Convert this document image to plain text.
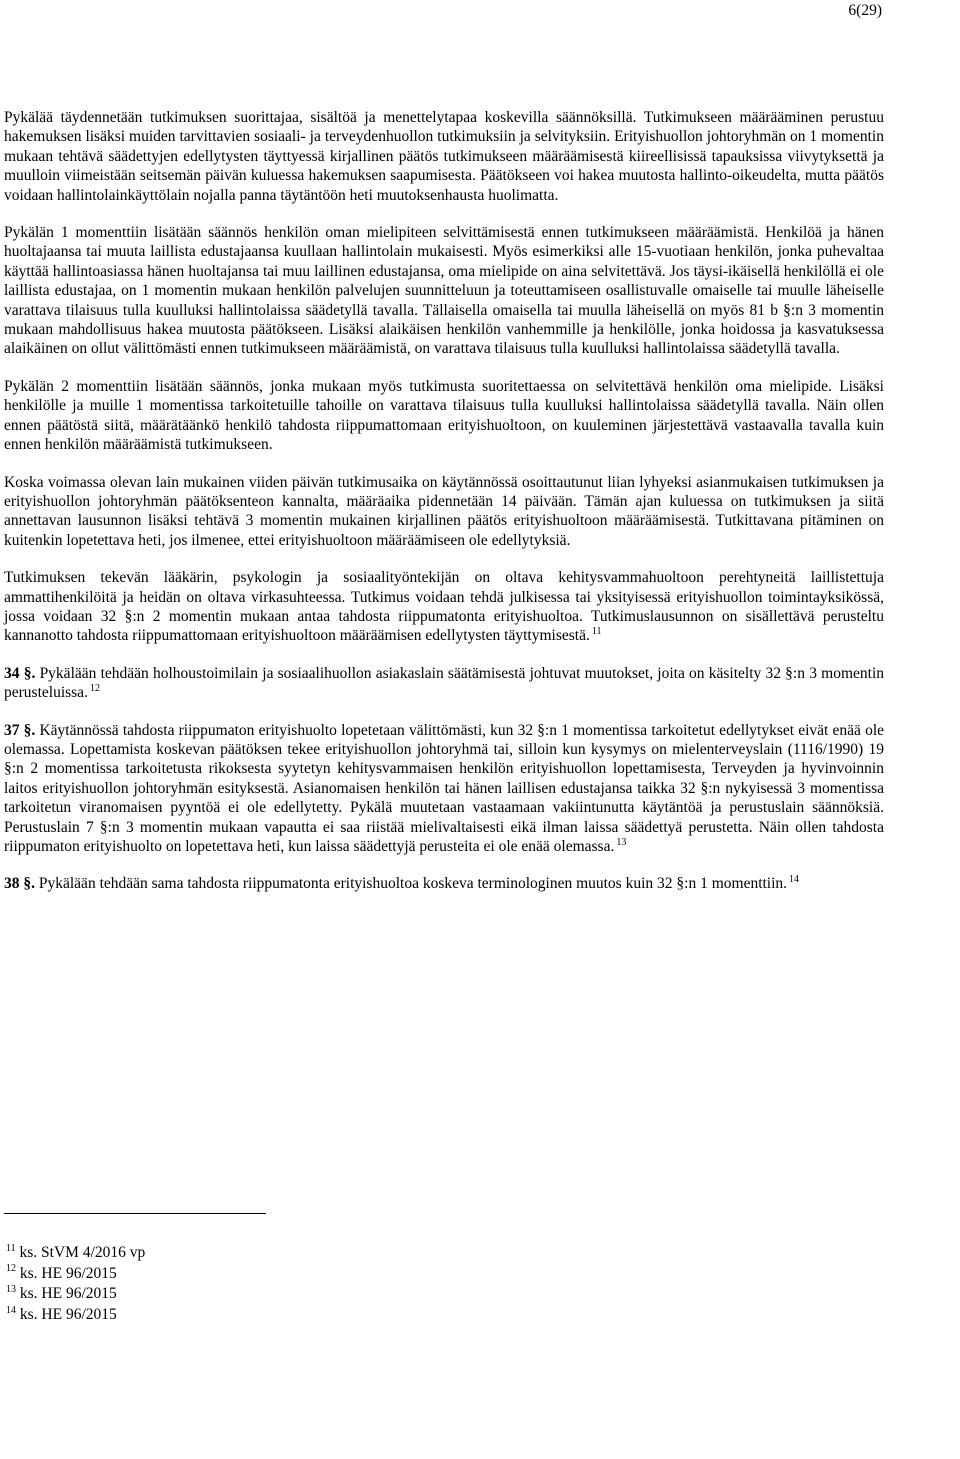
6(29)

Pykälää täydennetään tutkimuksen suorittajaa, sisältöä ja menettelytapaa koskevilla säännöksillä. Tutkimukseen määrääminen perustuu hakemuksen lisäksi muiden tarvittavien sosiaali- ja terveydenhuollon tutkimuksiin ja selvityksiin. Erityishuollon johtoryhmän on 1 momentin mukaan tehtävä säädettyjen edellytysten täyttyessä kirjallinen päätös tutkimukseen määräämisestä kiireellisissä tapauksissa viivytyksettä ja muulloin viimeistään seitsemän päivän kuluessa hakemuksen saapumisesta. Päätökseen voi hakea muutosta hallinto-oikeudelta, mutta päätös voidaan hallintolainkäyttölain nojalla panna täytäntöön heti muutoksenhausta huolimatta.

Pykälän 1 momenttiin lisätään säännös henkilön oman mielipiteen selvittämisestä ennen tutkimukseen määräämistä. Henkilöä ja hänen huoltajaansa tai muuta laillista edustajaansa kuullaan hallintolain mukaisesti. Myös esimerkiksi alle 15-vuotiaan henkilön, jonka puhevaltaa käyttää hallintoasiassa hänen huoltajansa tai muu laillinen edustajansa, oma mielipide on aina selvitettävä. Jos täysi-ikäisellä henkilöllä ei ole laillista edustajaa, on 1 momentin mukaan henkilön palvelujen suunnitteluun ja toteuttamiseen osallistuvalle omaiselle tai muulle läheiselle varattava tilaisuus tulla kuulluksi hallintolaissa säädetyllä tavalla. Tällaisella omaisella tai muulla läheisellä on myös 81 b §:n 3 momentin mukaan mahdollisuus hakea muutosta päätökseen. Lisäksi alaikäisen henkilön vanhemmille ja henkilölle, jonka hoidossa ja kasvatuksessa alaikäinen on ollut välittömästi ennen tutkimukseen määräämistä, on varattava tilaisuus tulla kuulluksi hallintolaissa säädetyllä tavalla.

Pykälän 2 momenttiin lisätään säännös, jonka mukaan myös tutkimusta suoritettaessa on selvitettävä henkilön oma mielipide. Lisäksi henkilölle ja muille 1 momentissa tarkoitetuille tahoille on varattava tilaisuus tulla kuulluksi hallintolaissa säädetyllä tavalla. Näin ollen ennen päätöstä siitä, määrätäänkö henkilö tahdosta riippumattomaan erityishuoltoon, on kuuleminen järjestettävä vastaavalla tavalla kuin ennen henkilön määräämistä tutkimukseen.

Koska voimassa olevan lain mukainen viiden päivän tutkimusaika on käytännössä osoittautunut liian lyhyeksi asianmukaisen tutkimuksen ja erityishuollon johtoryhmän päätöksenteon kannalta, määräaika pidennetään 14 päivään. Tämän ajan kuluessa on tutkimuksen ja siitä annettavan lausunnon lisäksi tehtävä 3 momentin mukainen kirjallinen päätös erityishuoltoon määräämisestä. Tutkittavana pitäminen on kuitenkin lopetettava heti, jos ilmenee, ettei erityishuoltoon määräämiseen ole edellytyksiä.

Tutkimuksen tekevän lääkärin, psykologin ja sosiaalityöntekijän on oltava kehitysvammahuoltoon perehtyneitä laillistettuja ammattihenkilöitä ja heidän on oltava virkasuhteessa. Tutkimus voidaan tehdä julkisessa tai yksityisessä erityishuollon toimintayksikössä, jossa voidaan 32 §:n 2 momentin mukaan antaa tahdosta riippumatonta erityishuoltoa. Tutkimuslausunnon on sisällettävä perusteltu kannanotto tahdosta riippumattomaan erityishuoltoon määräämisen edellytysten täyttymisestä. $^{11}$

34 §. Pykälään tehdään holhoustoimilain ja sosiaalihuollon asiakaslain säätämisestä johtuvat muutokset, joita on käsitelty 32 §:n 3 momentin perusteluissa. $^{12}$

37 §. Käytännössä tahdosta riippumaton erityishuolto lopetetaan välittömästi, kun 32 §:n 1 momentissa tarkoitetut edellytykset eivät enää ole olemassa. Lopettamista koskevan päätöksen tekee erityishuollon johtoryhmä tai, silloin kun kysymys on mielenterveyslain (1116/1990) 19 §:n 2 momentissa tarkoitetusta rikoksesta syytetyn kehitysvammaisen henkilön erityishuollon lopettamisesta, Terveyden ja hyvinvoinnin laitos erityishuollon johtoryhmän esityksestä. Asianomaisen henkilön tai hänen laillisen edustajansa taikka 32 §:n nykyisessä 3 momentissa tarkoitetun viranomaisen pyyntöä ei ole edellytetty. Pykälä muutetaan vastaamaan vakiintunutta käytäntöä ja perustuslain säännöksiä. Perustuslain 7 §:n 3 momentin mukaan vapautta ei saa riistää mielivaltaisesti eikä ilman laissa säädettyä perustetta. Näin ollen tahdosta riippumaton erityishuolto on lopetettava heti, kun laissa säädettyjä perusteita ei ole enää olemassa. $^{13}$

38 §. Pykälään tehdään sama tahdosta riippumatonta erityishuoltoa koskeva terminologinen muutos kuin 32 §:n 1 momenttiin. $^{14}$

$^{11}$ ks. StVM 4/2016 vp
$^{12}$ ks. HE 96/2015
$^{13}$ ks. HE 96/2015
$^{14}$ ks. HE 96/2015
